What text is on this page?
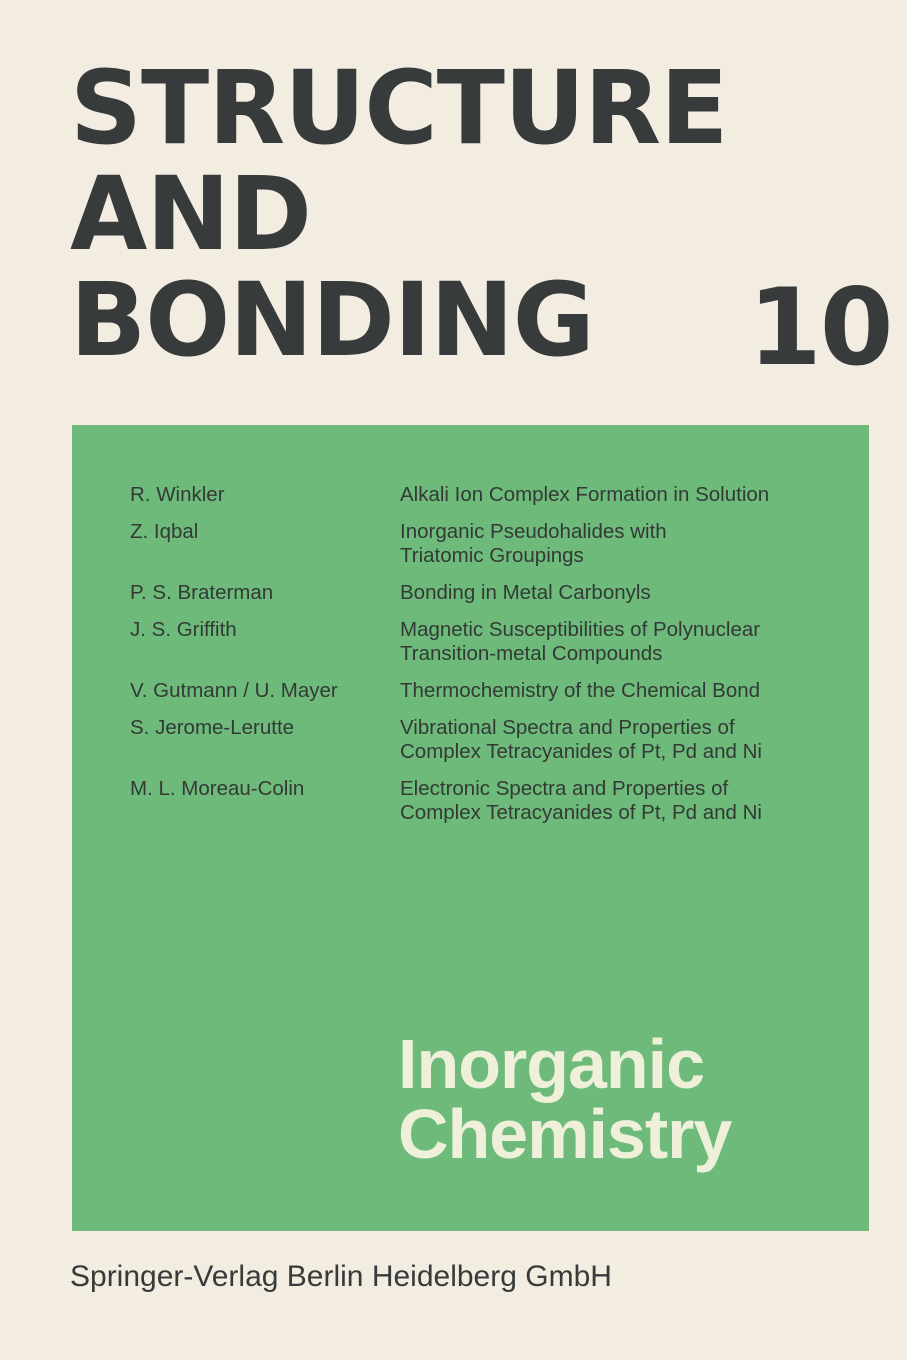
STRUCTURE
AND
BONDING	10
R. Winkler	Alkali Ion Complex Formation in Solution
Z. Iqbal	Inorganic Pseudohalides with
Triatomic Groupings
P. S. Braterman	Bonding in Metal Carbonyls
J. S. Griffith	Magnetic Susceptibilities of Polynuclear
Transition-metal Compounds
V. Gutmann / U. Mayer	Thermochemistry of the Chemical Bond
S. Jerome-Lerutte	Vibrational Spectra and Properties of
Complex Tetracyanides of Pt, Pd and Ni
M. L. Moreau-Colin	Electronic Spectra and Properties of
Complex Tetracyanides of Pt, Pd and Ni
Inorganic
Chemistry
Springer-Verlag Berlin Heidelberg GmbH
